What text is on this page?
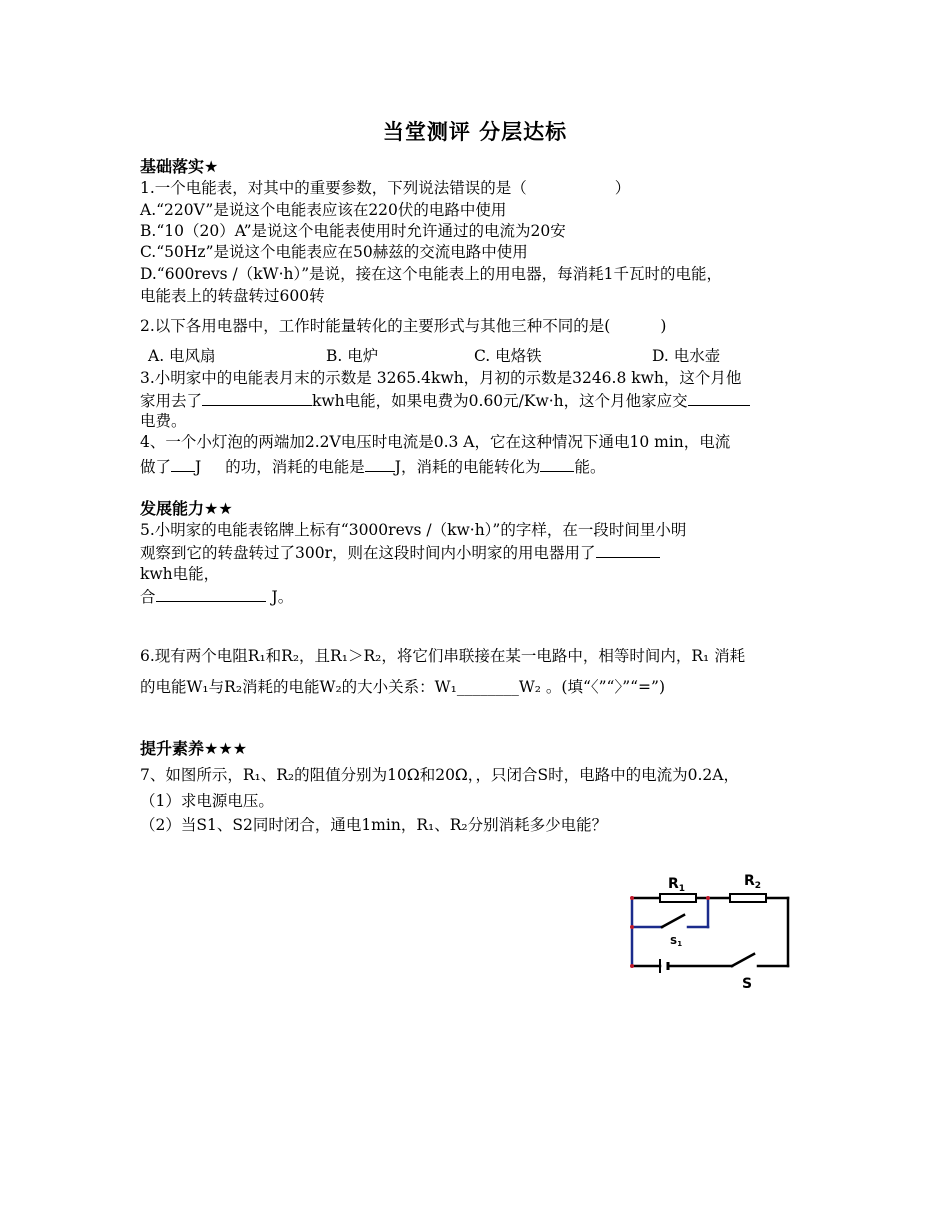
当堂测评 分层达标
基础落实★
1.一个电能表，对其中的重要参数，下列说法错误的是（	）
A.“220V”是说这个电能表应该在220伏的电路中使用
B.“10（20）A”是说这个电能表使用时允许通过的电流为20安
C.“50Hz”是说这个电能表应在50赫兹的交流电路中使用
D.“600revs /（kW·h）”是说，接在这个电能表上的用电器，每消耗1千瓦时的电能，
电能表上的转盘转过600转
2.以下各用电器中，工作时能量转化的主要形式与其他三种不同的是(	)
A. 电风扇	B. 电炉	C. 电烙铁	D. 电水壶
3.小明家中的电能表月末的示数是 3265.4kwh，月初的示数是3246.8 kwh，这个月他
家用去了	kwh电能，如果电费为0.60元/Kw·h，这个月他家应交
电费。
4、一个小灯泡的两端加2.2V电压时电流是0.3 A，它在这种情况下通电10 min，电流
做了 J 的功，消耗的电能是 J，消耗的电能转化为 能。
发展能力★★
5.小明家的电能表铭牌上标有“3000revs /（kw·h）”的字样，在一段时间里小明
观察到它的转盘转过了300r，则在这段时间内小明家的用电器用了
kwh电能，
合	J。
6.现有两个电阻R₁和R₂，且R₁＞R₂，将它们串联接在某一电路中，相等时间内，R₁ 消耗
的电能W₁与R₂消耗的电能W₂的大小关系：W₁________W₂ 。(填“〈”“〉”“=”)
提升素养★★★
7、如图所示，R₁、R₂的阻值分别为10Ω和20Ω，，只闭合S时，电路中的电流为0.2A，
（1）求电源电压。
（2）当S1、S2同时闭合，通电1min，R₁、R₂分别消耗多少电能？
$R_1$	$R_2$
$S_1$
S
